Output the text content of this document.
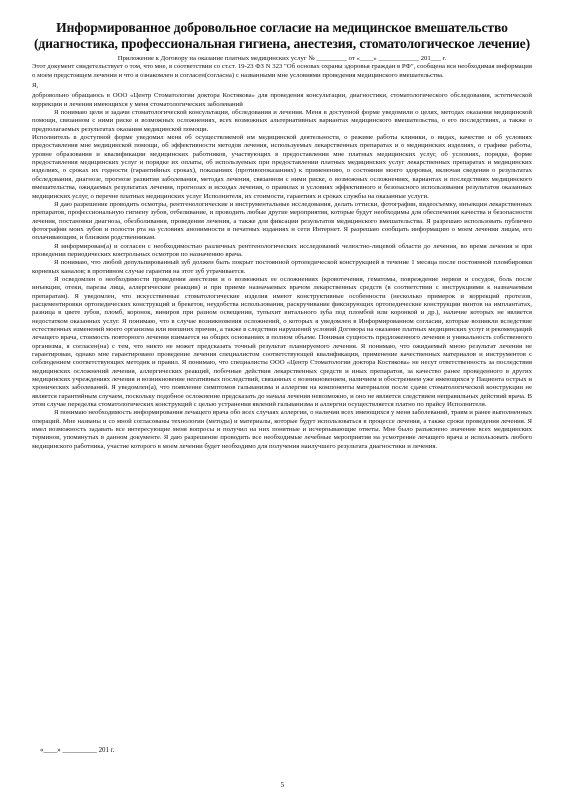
Информированное добровольное согласие на медицинское вмешательство
(диагностика, профессиональная гигиена, анестезия, стоматологическое лечение)

Приложение к Договору на оказание платных медицинских услуг № _________ от «____» ____________ 201___ г.

Этот документ свидетельствует о том, что мне, в соответствии со ст.ст. 19-23 ФЗ N 323 "Об основах охраны здоровья граждан в РФ", сообщена вся необходимая информация о моем предстоящем лечении и что я ознакомлен и согласен(согласна) с названными мне условиями проведения медицинского вмешательства.

Я,

добровольно обращаюсь в ООО «Центр Стоматологии доктора Костякова» для проведения консультации, диагностики, стоматологического обследования, эстетической коррекции и лечения имеющихся у меня стоматологических заболеваний

Я понимаю цели и задачи стоматологической консультации, обследования и лечения. Меня в доступной форме уведомили о целях, методах оказания медицинской помощи, связанном с ними риске и возможных осложнениях, всех возможных альтернативных вариантах медицинского вмешательства, о его последствиях, а также о предполагаемых результатах оказания медицинской помощи.

Исполнитель в доступной форме уведомил меня об осуществляемой им медицинской деятельности, о режиме работы клиники, о видах, качестве и об условиях предоставления мне медицинской помощи, об эффективности методов лечения, используемых лекарственных препаратах и о медицинских изделиях, о графике работы, уровне образования и квалификации медицинских работников, участвующих в предоставлении мне платных медицинских услуг, об условиях, порядке, форме предоставления медицинских услуг и порядке их оплаты, об используемых при предоставлении платных медицинских услуг лекарственных препаратах и медицинских изделиях, о сроках их годности (гарантийных сроках), показаниях (противопоказаниях) к применению, о состоянии моего здоровья, включая сведения о результатах обследования, диагнозе, прогнозе развития заболевания, методах лечения, связанном с ними риске, о возможных осложнениях, вариантах и последствиях медицинского вмешательства, ожидаемых результатах лечения, прогнозах и исходах лечения, о правилах и условиях эффективного и безопасного использования результатов оказанных медицинских услуг, о перечне платных медицинских услуг Исполнителя, их стоимости, гарантиях и сроках службы на оказанные услуги.

Я даю разрешение проводить осмотры, рентгенологические и инструментальные исследования, делать оттиски, фотографии, видеосъемку, инъекции лекарственных препаратов, профессиональную гигиену зубов, отбеливание, и проводить любые другие мероприятия, которые будут необходимы для обеспечения качества и безопасности лечения, постановки диагноза, обезболивания, проведения лечения, а также для фиксации результатов медицинского вмешательства. Я разрешаю использовать публично фотографии моих зубов и полости рта на условиях анонимности в печатных изданиях и сети Интернет. Я разрешаю сообщать информацию о моем лечении лицам, его оплачивающим, и близким родственникам.

Я информирован(а) и согласен с необходимостью различных рентгенологических исследований челюстно-лицевой области до лечения, во время лечения и при проведении периодических контрольных осмотров по назначению врача.

Я понимаю, что любой депульпированный зуб должен быть покрыт постоянной ортопедической конструкцией в течение 1 месяца после постоянной пломбировки корневых каналов; в противном случае гарантия на этот зуб утрачивается.

Я осведомлен о необходимости проведения анестезии и о возможных ее осложнениях (кровотечения, гематомы, повреждение нервов и сосудов, боль после инъекции, отеки, парезы лица, аллергические реакции) и при приеме назначаемых врачом лекарственных средств (в соответствии с инструкциями к назначаемым препаратам). Я уведомлен, что искусственные стоматологические изделия имеют конструктивные особенности (несколько примерок и коррекций протезов, расцементировки ортопедических конструкций и брекетов, неудобства использования, раскручивание фиксирующих ортопедические конструкции винтов на имплантатах, разница в цвете зубов, пломб, коронок, виниров при разном освещении, тупыхит витального зуба под пломбой или коронкой и др.), наличие которых не является недостатком оказанных услуг. Я понимаю, что в случае возникновения осложнений, о которых я уведомлен в Информированном согласии, которые возникли вследствие естественных изменений моего организма или внешних причин, а также в следствии нарушений условий Договора на оказание платных медицинских услуг и рекомендаций лечащего врача, стоимость повторного лечения взимается на общих основаниях в полном объеме. Понимая сущность предложенного лечения и уникальность собственного организма, я согласен(на) с тем, что никто не может предсказать точный результат планируемого лечения. Я понимаю, что ожидаемый мною результат лечения не гарантирован, однако мне гарантировано проведение лечения специалистом соответствующей квалификации, применение качественных материалов и инструментов с соблюдением соответствующих методик и правил. Я понимаю, что специалисты ООО «Центр Стоматологии доктора Костякова» не несут ответственность за последствия медицинских осложнений лечения, аллергических реакций, побочные действия лекарственных средств и иных препаратов, за качество ранее проведенного в других медицинских учреждениях лечения и возникновение негативных последствий, связанных с возникновением, наличием и обострением уже имеющихся у Пациента острых и хронических заболеваний. Я уведомлен(а), что появление симптомов гальванизма и аллергии на компоненты материалов после сдачи стоматологической конструкции не является гарантийным случаем, поскольку подобное осложнение предсказать до начала лечения невозможно, и оно не является следствием неправильных действий врача. В этом случае переделка стоматологических конструкций с целью устранения явлений гальванизма и аллергии осуществляется платно по прайсу Исполнителя.

Я понимаю необходимость информирования лечащего врача обо всех случаях аллергии, о наличии всех имеющихся у меня заболеваний, травм и ранее выполненных операций. Мне названы и со мной согласованы технологии (методы) и материалы, которые будут использоваться в процессе лечения, а также сроки проведения лечения. Я имел возможность задавать все интересующие меня вопросы и получил на них понятные и исчерпывающие ответы. Мне было разъяснено значение всех медицинских терминов, упомянутых в данном документе. Я даю разрешение проводить все необходимые лечебные мероприятия на усмотрение лечащего врача и использовать любого медицинского работника, участие которого в моем лечении будет необходимо для получения наилучшего результата диагностики и лечения.

«____» __________ 201 г.
5
